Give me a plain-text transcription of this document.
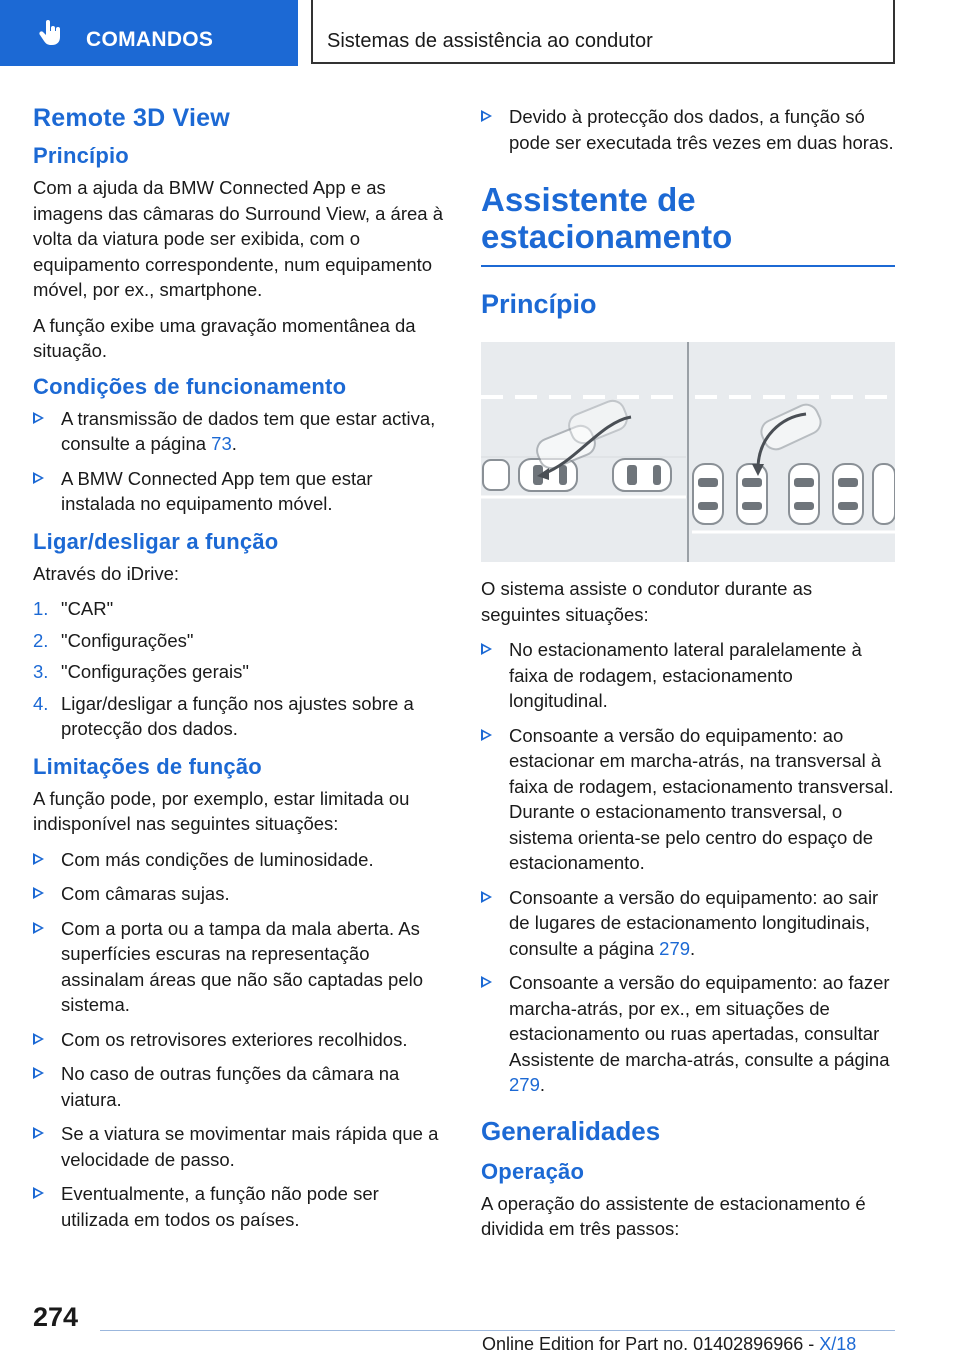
COMANDOS	Sistemas de assistência ao condutor
Remote 3D View
Princípio

Com a ajuda da BMW Connected App e as imagens das câmaras do Surround View, a área à volta da viatura pode ser exibida, com o equipamento correspondente, num equipamento móvel, por ex., smartphone.

A função exibe uma gravação momentânea da situação.

Condições de funcionamento
A transmissão de dados tem que estar activa, consulte a página 73.
A BMW Connected App tem que estar instalada no equipamento móvel.
Ligar/desligar a função

Através do iDrive:

1. "CAR"
2. "Configurações"
3. "Configurações gerais"
4. Ligar/desligar a função nos ajustes sobre a protecção dos dados.
Limitações de função

A função pode, por exemplo, estar limitada ou indisponível nas seguintes situações:

Com más condições de luminosidade.
Com câmaras sujas.
Com a porta ou a tampa da mala aberta. As superfícies escuras na representação assinalam áreas que não são captadas pelo sistema.
Com os retrovisores exteriores recolhidos.
No caso de outras funções da câmara na viatura.
Se a viatura se movimentar mais rápida que a velocidade de passo.
Eventualmente, a função não pode ser utilizada em todos os países.
Devido à protecção dos dados, a função só pode ser executada três vezes em duas horas.
Assistente de
estacionamento
Princípio

O sistema assiste o condutor durante as seguintes situações:

No estacionamento lateral paralelamente à faixa de rodagem, estacionamento longitudinal.
Consoante a versão do equipamento: ao estacionar em marcha-atrás, na transversal à faixa de rodagem, estacionamento transversal. Durante o estacionamento transversal, o sistema orienta-se pelo centro do espaço de estacionamento.
Consoante a versão do equipamento: ao sair de lugares de estacionamento longitudinais, consulte a página 279.
Consoante a versão do equipamento: ao fazer marcha-atrás, por ex., em situações de estacionamento ou ruas apertadas, consultar Assistente de marcha-atrás, consulte a página 279.
Generalidades
Operação

A operação do assistente de estacionamento é dividida em três passos:

274
Online Edition for Part no. 01402896966 - X/18
